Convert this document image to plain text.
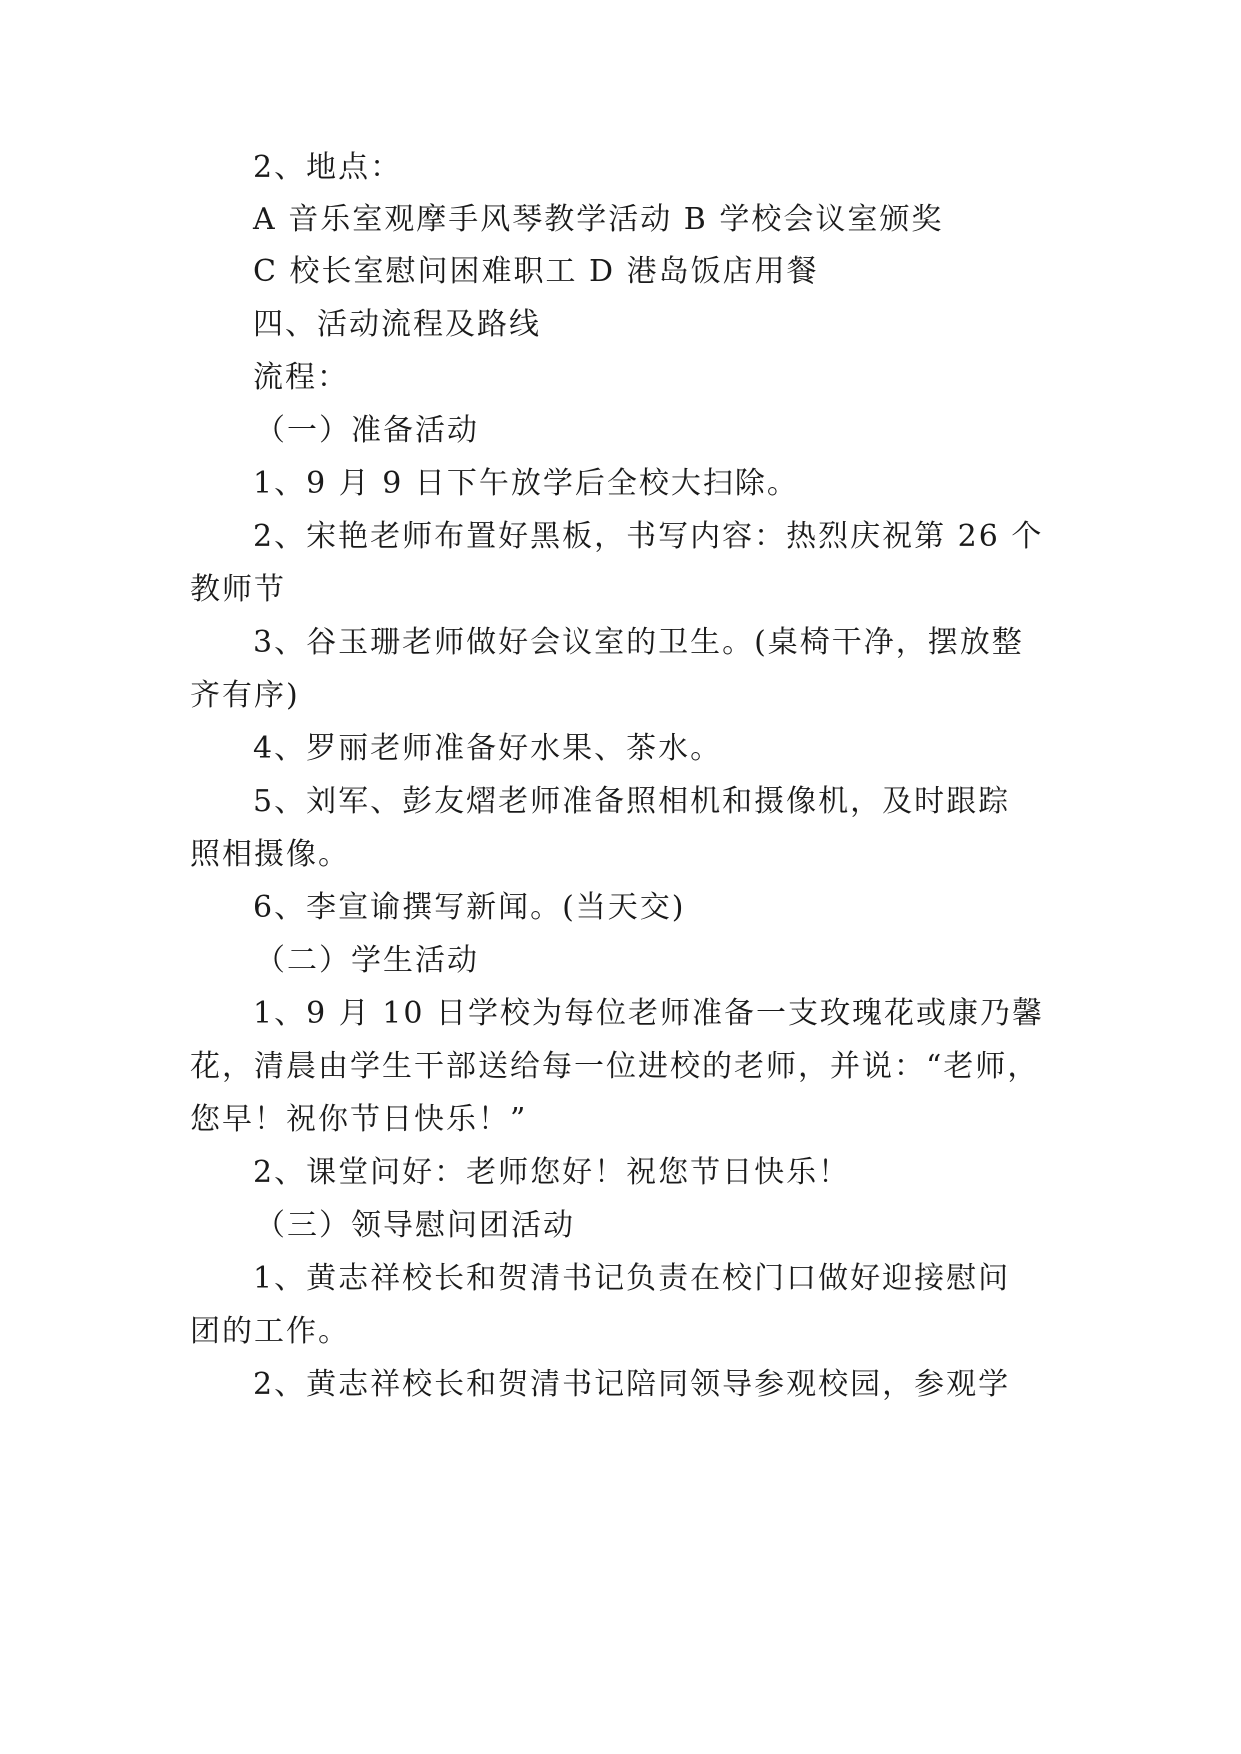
2、地点：

A 音乐室观摩手风琴教学活动 B 学校会议室颁奖

C 校长室慰问困难职工 D 港岛饭店用餐

四、活动流程及路线

流程：

（一）准备活动

1、9 月 9 日下午放学后全校大扫除。

2、宋艳老师布置好黑板，书写内容：热烈庆祝第 26 个

教师节

3、谷玉珊老师做好会议室的卫生。(桌椅干净，摆放整

齐有序)

4、罗丽老师准备好水果、茶水。

5、刘军、彭友熠老师准备照相机和摄像机，及时跟踪

照相摄像。

6、李宣谕撰写新闻。(当天交)

（二）学生活动

1、9 月 10 日学校为每位老师准备一支玫瑰花或康乃馨

花，清晨由学生干部送给每一位进校的老师，并说：“老师，

您早！祝你节日快乐！”

2、课堂问好：老师您好！祝您节日快乐！

（三）领导慰问团活动

1、黄志祥校长和贺清书记负责在校门口做好迎接慰问

团的工作。

2、黄志祥校长和贺清书记陪同领导参观校园，参观学
